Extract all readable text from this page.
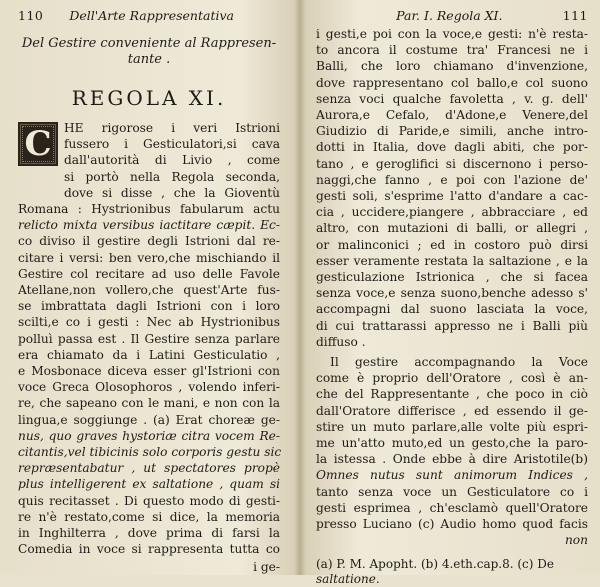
110 Dell'Arte Rappresentativa
Del Gestire conveniente al Rappresen-
tante .
REGOLA XI.
C HE rigorose i veri Istrioni
fussero i Gesticulatori,si cava
dall'autorità di Livio , come
si portò nella Regola seconda,
dove si disse , che la Gioventù
Romana : Hystrionibus fabularum actu
relicto mixta versibus iactitare cæpit. Ec-
co diviso il gestire degli Istrioni dal re-
citare i versi: ben vero,che mischiando il
Gestire col recitare ad uso delle Favole
Atellane,non vollero,che quest'Arte fus-
se imbrattata dagli Istrioni con i loro
scilti,e co i gesti : Nec ab Hystrionibus
polluì passa est . Il Gestire senza parlare
era chiamato da i Latini Gesticulatio ,
e Mosbonace diceva esser gl'Istrioni con
voce Greca Olosophoros , volendo inferi-
re, che sapeano con le mani, e non con la
lingua,e soggiunge . (a) Erat choreæ ge-
nus, quo graves hystoriæ citra vocem Re-
citantis,vel tibicinis solo corporis gestu sic
repræsentabatur , ut spectatores propè
plus intelligerent ex saltatione , quam si
quis recitasset . Di questo modo di gesti-
re n'è restato,come si dice, la memoria
in Inghilterra , dove prima di farsi la
Comedia in voce si rappresenta tutta co
i ge-
Par. I. Regola XI.	111
i gesti,e poi con la voce,e gesti: n'è resta-
to ancora il costume tra' Francesi ne i
Balli, che loro chiamano d'invenzione,
dove rappresentano col ballo,e col suono
senza voci qualche favoletta , v. g. dell'
Aurora,e Cefalo, d'Adone,e Venere,del
Giudizio di Paride,e simili, anche intro-
dotti in Italia, dove dagli abiti, che por-
tano , e geroglifici si discernono i perso-
naggi,che fanno , e poi con l'azione de'
gesti soli, s'esprime l'atto d'andare a cac-
cia , uccidere,piangere , abbracciare , ed
altro, con mutazioni di balli, or allegri ,
or malinconici ; ed in costoro può dirsi
esser veramente restata la saltazione , e la
gesticulazione Istrionica , che si facea
senza voce,e senza suono,benche adesso s'
accompagni dal suono lasciata la voce,
di cui trattarassi appresso ne i Balli più
diffuso .
Il gestire accompagnando la Voce
come è proprio dell'Oratore , così è an-
che del Rappresentante , che poco in ciò
dall'Oratore differisce , ed essendo il ge-
stire un muto parlare,alle volte più espri-
me un'atto muto,ed un gesto,che la paro-
la istessa . Onde ebbe à dire Aristotile(b)
Omnes nutus sunt animorum Indices ,
tanto senza voce un Gesticulatore co i
gesti esprimea , ch'esclamò quell'Oratore
presso Luciano (c) Audio homo quod facis
non
(a) P. M. Apopht. (b) 4.eth.cap.8. (c) De
saltatione.
